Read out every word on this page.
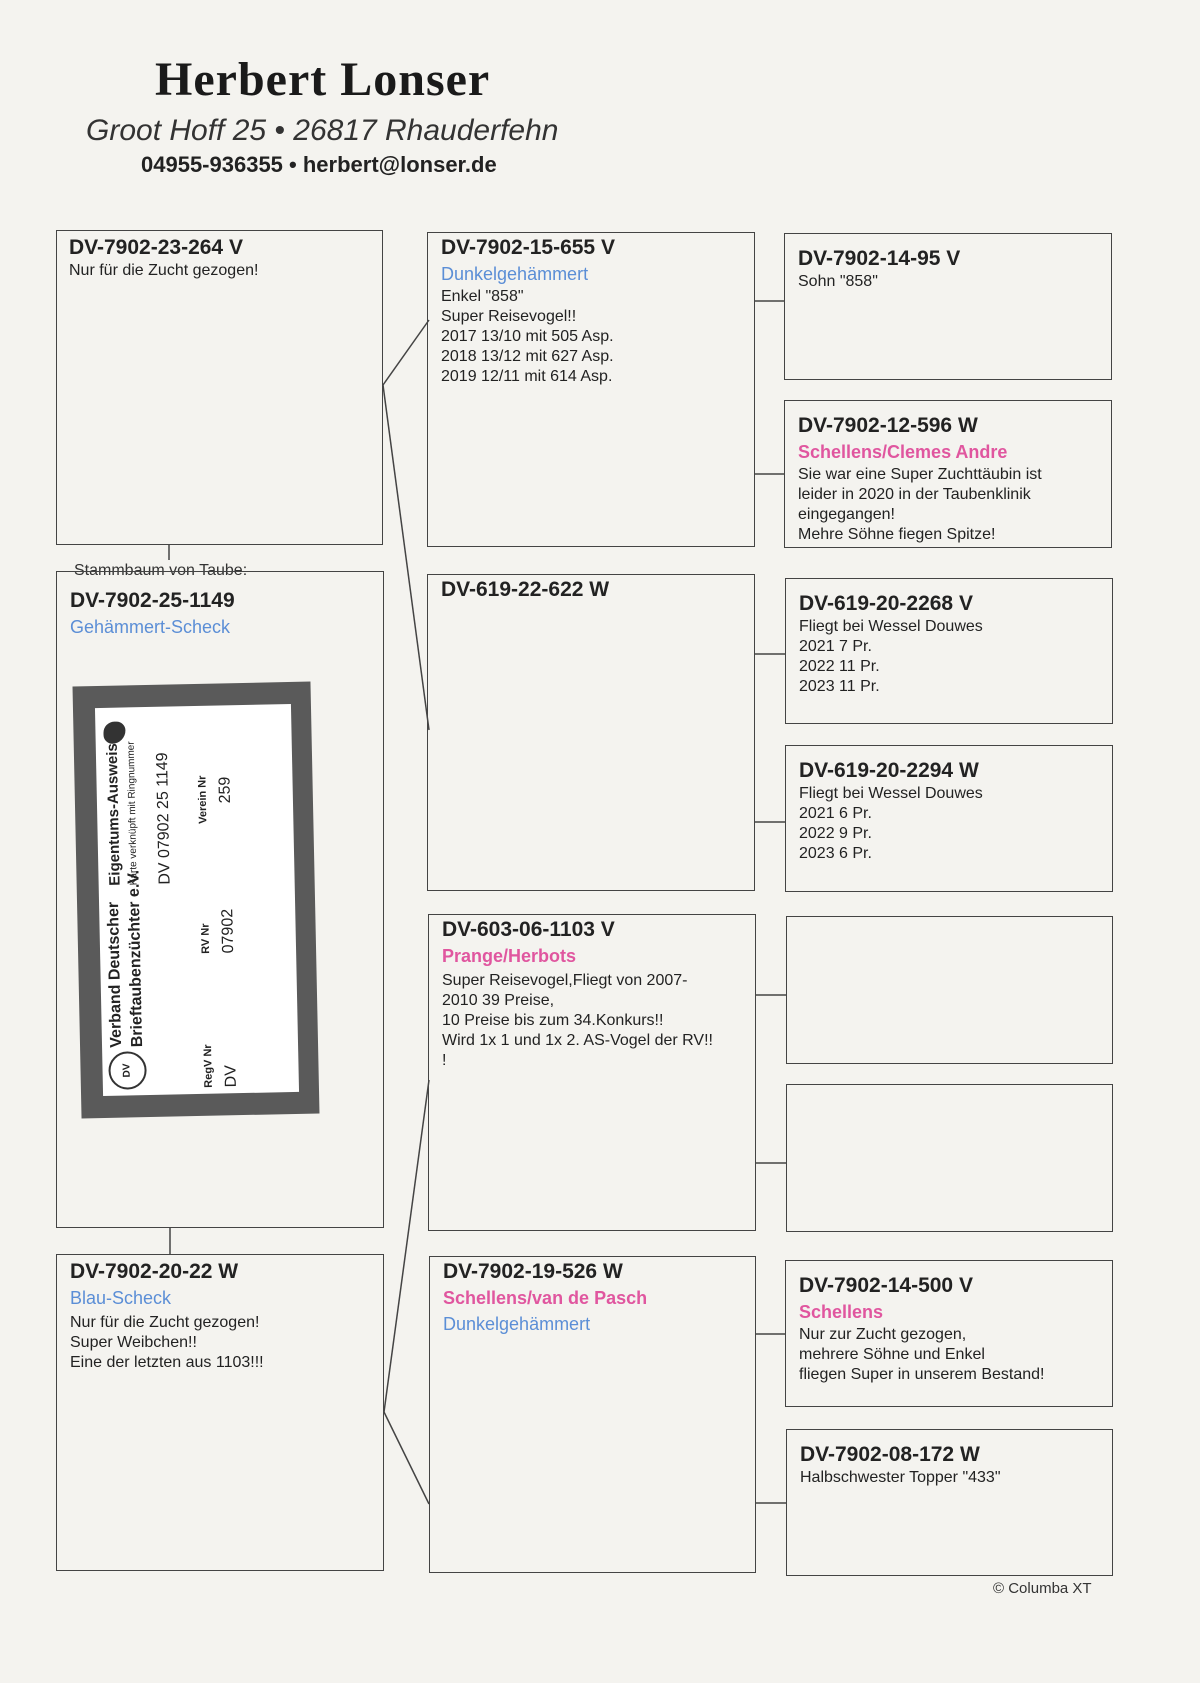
Herbert Lonser
Groot Hoff 25 • 26817 Rhauderfehn
04955-936355 • herbert@lonser.de
DV-7902-23-264 V
Nur für die Zucht gezogen!
Stammbaum von Taube:
DV-7902-25-1149
Gehämmert-Scheck
DV
Verband Deutscher
Brieftaubenzüchter e.V.
Eigentums-Ausweis Karte verknüpft mit Ringnummer DV 07902 25 1149
RegV Nr DV
RV Nr 07902
Verein Nr 259
DV-7902-20-22 W
Blau-Scheck
Nur für die Zucht gezogen!
Super Weibchen!!
Eine der letzten aus 1103!!!
DV-7902-15-655 V
Dunkelgehämmert
Enkel "858"
Super Reisevogel!!
2017 13/10 mit 505 Asp.
2018 13/12 mit 627 Asp.
2019 12/11 mit 614 Asp.
DV-619-22-622 W
DV-603-06-1103 V
Prange/Herbots
Super Reisevogel,Fliegt von 2007-
2010 39 Preise,
10 Preise bis zum 34.Konkurs!!
Wird 1x 1 und 1x 2. AS-Vogel der RV!!
!
DV-7902-19-526 W
Schellens/van de Pasch
Dunkelgehämmert
DV-7902-14-95 V
Sohn "858"
DV-7902-12-596 W
Schellens/Clemes Andre
Sie war eine Super Zuchttäubin ist
leider in 2020 in der Taubenklinik
eingegangen!
Mehre Söhne fiegen Spitze!
DV-619-20-2268 V
Fliegt bei Wessel Douwes
2021 7 Pr.
2022 11 Pr.
2023 11 Pr.
DV-619-20-2294 W
Fliegt bei Wessel Douwes
2021 6 Pr.
2022 9 Pr.
2023 6 Pr.
DV-7902-14-500 V
Schellens
Nur zur Zucht gezogen,
mehrere Söhne und Enkel
fliegen Super in unserem Bestand!
DV-7902-08-172 W
Halbschwester Topper "433"
© Columba XT
